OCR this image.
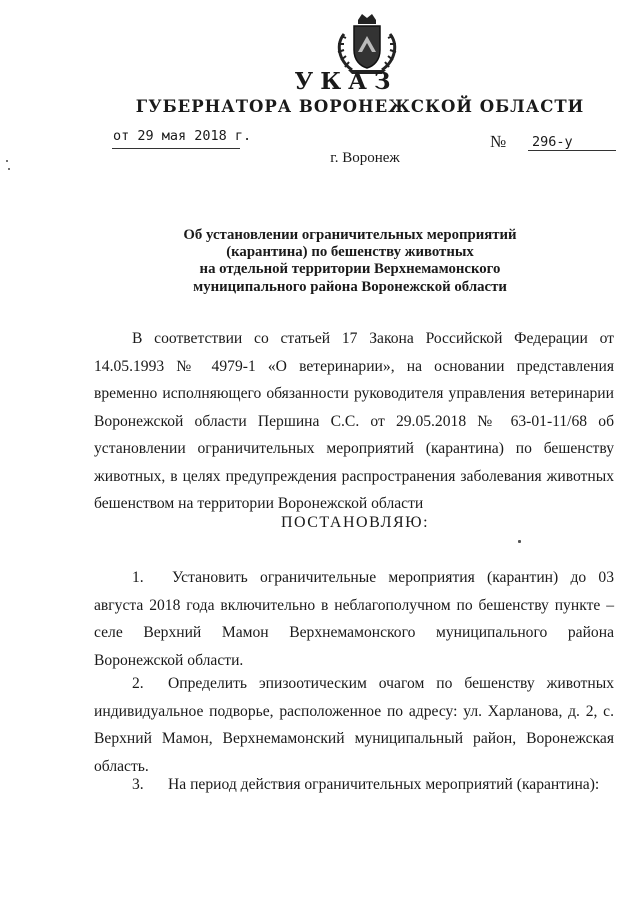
УКАЗ
ГУБЕРНАТОРА ВОРОНЕЖСКОЙ ОБЛАСТИ
от 29 мая 2018 г.	№ 296-у
г. Воронеж
Об установлении ограничительных мероприятий
(карантина) по бешенству животных
на отдельной территории Верхнемамонского
муниципального района Воронежской области
В соответствии со статьей 17 Закона Российской Федерации от 14.05.1993 № 4979-1 «О ветеринарии», на основании представления временно исполняющего обязанности руководителя управления ветеринарии Воронежской области Першина С.С. от 29.05.2018 № 63-01-11/68 об установлении ограничительных мероприятий (карантина) по бешенству животных, в целях предупреждения распространения заболевания животных бешенством на территории Воронежской области
ПОСТАНОВЛЯЮ:
1. Установить ограничительные мероприятия (карантин) до 03 августа 2018 года включительно в неблагополучном по бешенству пункте – селе Верхний Мамон Верхнемамонского муниципального района Воронежской области.
2. Определить эпизоотическим очагом по бешенству животных индивидуальное подворье, расположенное по адресу: ул. Харланова, д. 2, с. Верхний Мамон, Верхнемамонский муниципальный район, Воронежская область.
3. На период действия ограничительных мероприятий (карантина):
